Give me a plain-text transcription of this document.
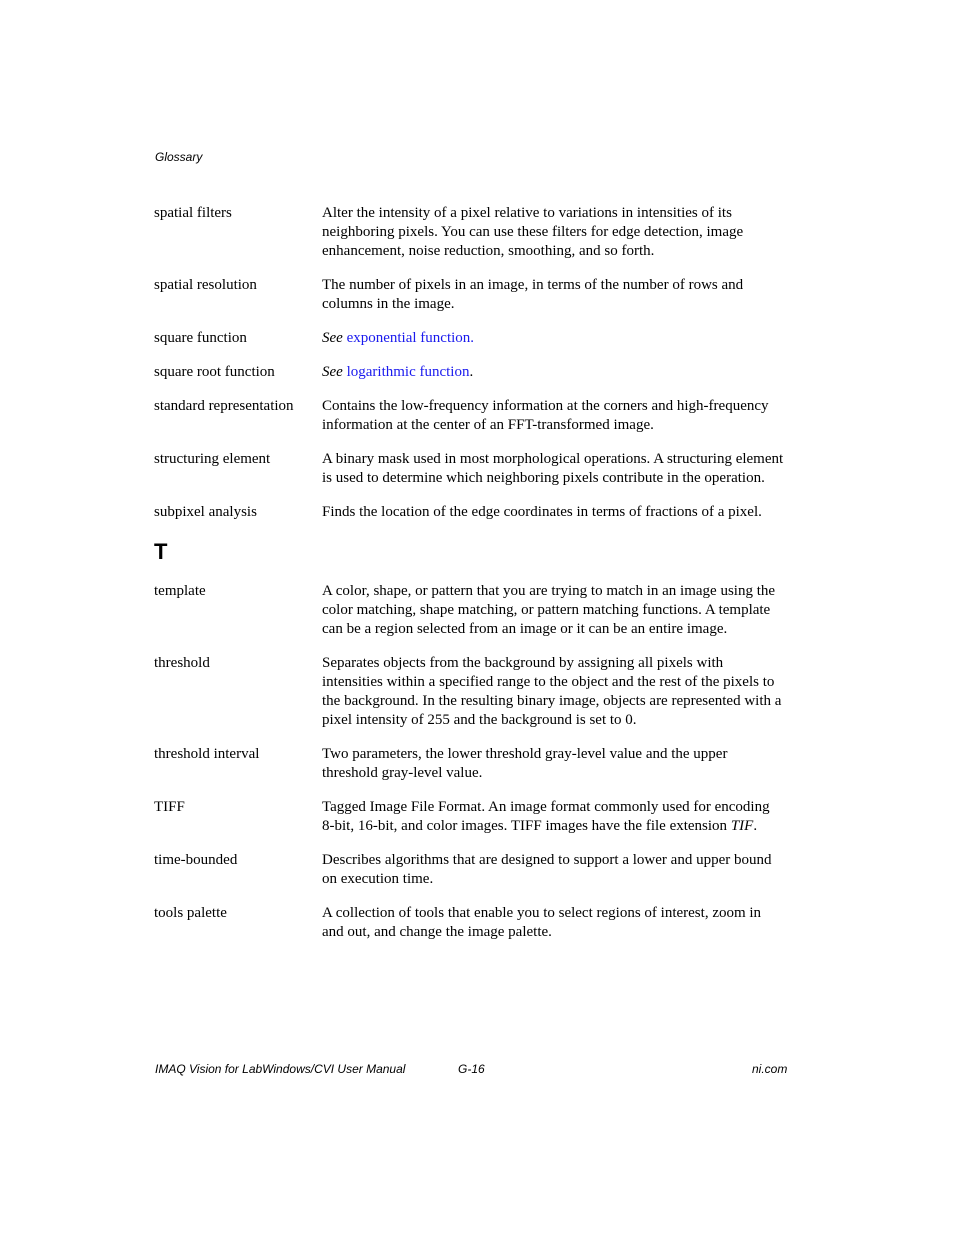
Glossary
spatial filters	Alter the intensity of a pixel relative to variations in intensities of its neighboring pixels. You can use these filters for edge detection, image enhancement, noise reduction, smoothing, and so forth.
spatial resolution	The number of pixels in an image, in terms of the number of rows and columns in the image.
square function	See exponential function.
square root function	See logarithmic function.
standard representation	Contains the low-frequency information at the corners and high-frequency information at the center of an FFT-transformed image.
structuring element	A binary mask used in most morphological operations. A structuring element is used to determine which neighboring pixels contribute in the operation.
subpixel analysis	Finds the location of the edge coordinates in terms of fractions of a pixel.
T
template	A color, shape, or pattern that you are trying to match in an image using the color matching, shape matching, or pattern matching functions. A template can be a region selected from an image or it can be an entire image.
threshold	Separates objects from the background by assigning all pixels with intensities within a specified range to the object and the rest of the pixels to the background. In the resulting binary image, objects are represented with a pixel intensity of 255 and the background is set to 0.
threshold interval	Two parameters, the lower threshold gray-level value and the upper threshold gray-level value.
TIFF	Tagged Image File Format. An image format commonly used for encoding 8-bit, 16-bit, and color images. TIFF images have the file extension TIF.
time-bounded	Describes algorithms that are designed to support a lower and upper bound on execution time.
tools palette	A collection of tools that enable you to select regions of interest, zoom in and out, and change the image palette.
IMAQ Vision for LabWindows/CVI User Manual	G-16	ni.com
